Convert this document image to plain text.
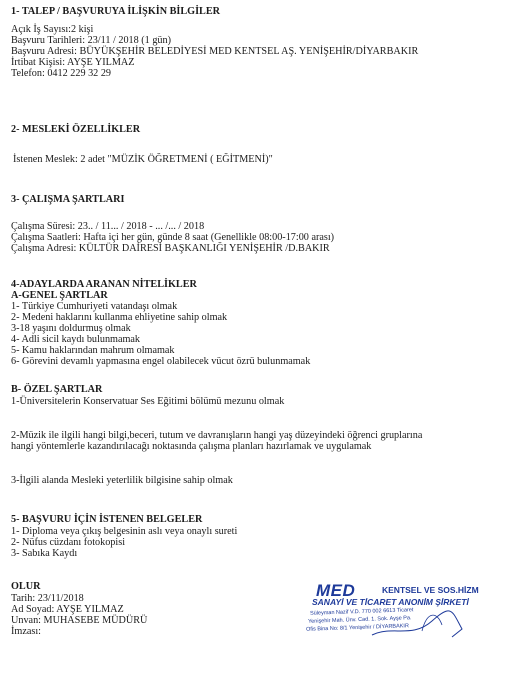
1- TALEP / BAŞVURUYA İLİŞKİN BİLGİLER
Açık İş Sayısı:2 kişi
Başvuru Tarihleri: 23/11 / 2018 (1 gün)
Başvuru Adresi: BÜYÜKŞEHİR BELEDİYESİ MED KENTSEL AŞ. YENİŞEHİR/DİYARBAKIR
İrtibat Kişisi: AYŞE YILMAZ
Telefon: 0412 229 32 29
2- MESLEKİ ÖZELLİKLER
İstenen Meslek: 2 adet "MÜZİK ÖĞRETMENİ ( EĞİTMENİ)"
3- ÇALIŞMA ŞARTLARI
Çalışma Süresi: 23.. / 11... / 2018 - ... /... / 2018
Çalışma Saatleri: Hafta içi her gün, günde 8 saat (Genellikle 08:00-17:00 arası)
Çalışma Adresi: KÜLTÜR DAİRESİ BAŞKANLIĞI YENİŞEHİR /D.BAKIR
4-ADAYLARDA ARANAN NİTELİKLER
A-GENEL ŞARTLAR
1- Türkiye Cumhuriyeti vatandaşı olmak
2- Medeni haklarını kullanma ehliyetine sahip olmak
3-18 yaşını doldurmuş olmak
4- Adli sicil kaydı bulunmamak
5- Kamu haklarından mahrum olmamak
6- Görevini devamlı yapmasına engel olabilecek vücut özrü bulunmamak
B- ÖZEL ŞARTLAR
1-Üniversitelerin Konservatuar Ses Eğitimi bölümü mezunu olmak
2-Müzik ile ilgili hangi bilgi,beceri, tutum ve davranışların hangi yaş düzeyindeki öğrenci gruplarına
hangi yöntemlerle kazandırılacağı noktasında çalışma planları hazırlamak ve uygulamak
3-İlgili alanda Mesleki yeterlilik bilgisine sahip olmak
5- BAŞVURU İÇİN İSTENEN BELGELER
1- Diploma veya çıkış belgesinin aslı veya onaylı sureti
2- Nüfus cüzdanı fotokopisi
3- Sabıka Kaydı
OLUR
Tarih: 23/11/2018
Ad Soyad: AYŞE YILMAZ
Unvan: MUHASEBE MÜDÜRÜ
İmzası:
MED	KENTSEL VE SOS.HİZM
SANAYİ VE TİCARET ANONİM ŞİRKETİ
Süleyman Nazif V.D. 770 002 6613 Ticaret
Yenişehir Mah. Ünv. Cad. 1. Sok. Ayşe Pa.
Ofis Bina No: 8/1 Yenişehir / DİYARBAKIR
